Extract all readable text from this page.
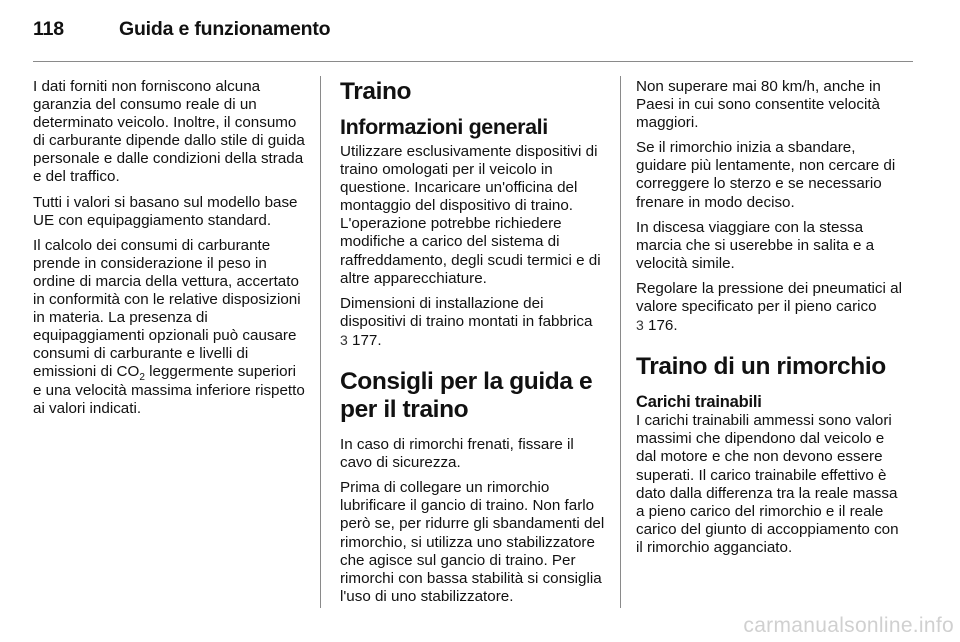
118	Guida e funzionamento

I dati forniti non forniscono alcuna garanzia del consumo reale di un determinato veicolo. Inoltre, il consumo di carburante dipende dallo stile di guida personale e dalle condizioni della strada e del traffico.

Tutti i valori si basano sul modello base UE con equipaggiamento standard.

Il calcolo dei consumi di carburante prende in considerazione il peso in ordine di marcia della vettura, accertato in conformità con le relative disposizioni in materia. La presenza di equipaggiamenti opzionali può causare consumi di carburante e livelli di emissioni di $CO_2$ leggermente superiori e una velocità massima inferiore rispetto ai valori indicati.

Traino
Informazioni generali

Utilizzare esclusivamente dispositivi di traino omologati per il veicolo in questione. Incaricare un'officina del montaggio del dispositivo di traino. L'operazione potrebbe richiedere modifiche a carico del sistema di raffreddamento, degli scudi termici e di altre apparecchiature.

Dimensioni di installazione dei dispositivi di traino montati in fabbrica
3 177.

Consigli per la guida e per il traino

In caso di rimorchi frenati, fissare il cavo di sicurezza.

Prima di collegare un rimorchio lubrificare il gancio di traino. Non farlo però se, per ridurre gli sbandamenti del rimorchio, si utilizza uno stabilizzatore che agisce sul gancio di traino. Per rimorchi con bassa stabilità si consiglia l'uso di uno stabilizzatore.

Non superare mai 80 km/h, anche in Paesi in cui sono consentite velocità maggiori.

Se il rimorchio inizia a sbandare, guidare più lentamente, non cercare di correggere lo sterzo e se necessario frenare in modo deciso.

In discesa viaggiare con la stessa marcia che si userebbe in salita e a velocità simile.

Regolare la pressione dei pneumatici al valore specificato per il pieno carico
3 176.

Traino di un rimorchio
Carichi trainabili

I carichi trainabili ammessi sono valori massimi che dipendono dal veicolo e dal motore e che non devono essere superati. Il carico trainabile effettivo è dato dalla differenza tra la reale massa a pieno carico del rimorchio e il reale carico del giunto di accoppiamento con il rimorchio agganciato.

carmanualsonline.info
